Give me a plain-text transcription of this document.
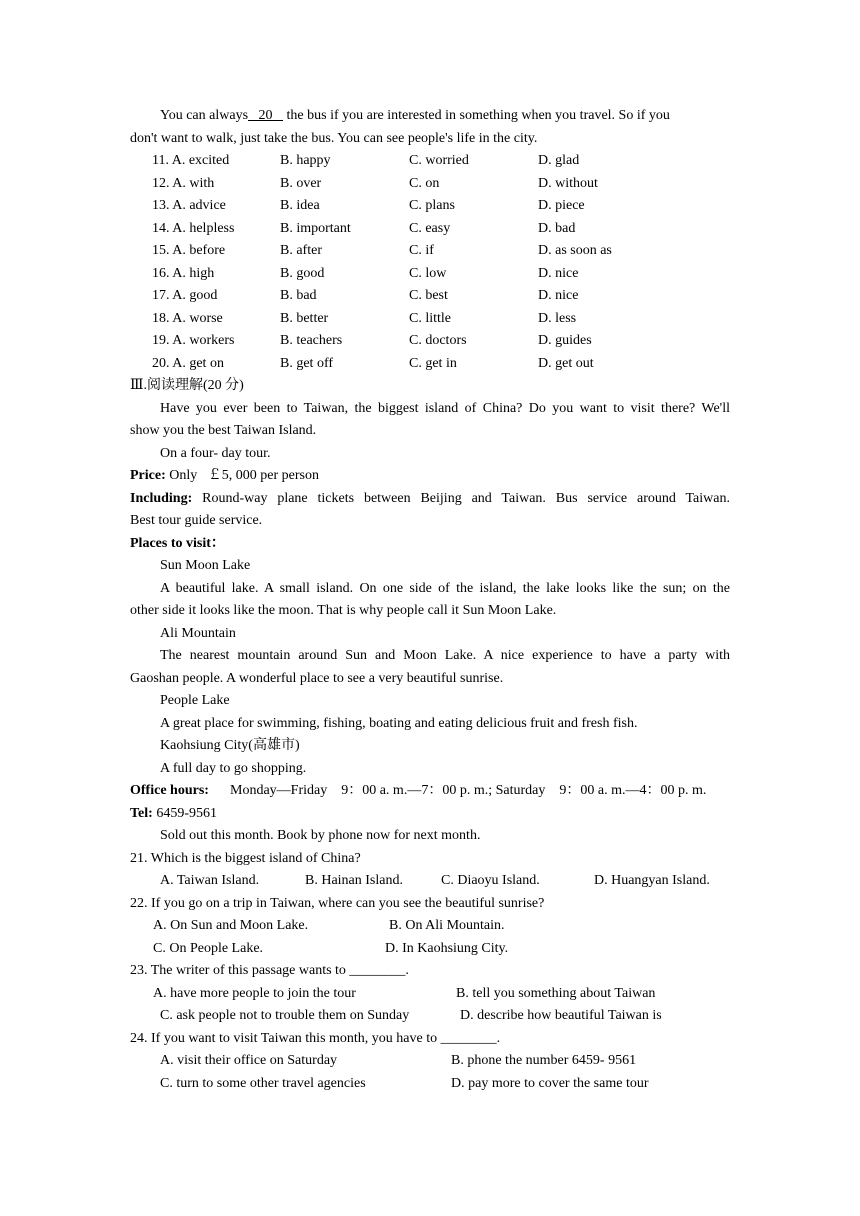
You can always 20 the bus if you are interested in something when you travel. So if you
don't want to walk, just take the bus. You can see people's life in the city.
11. A. excited	B. happy	C. worried	D. glad
12. A. with	B. over	C. on	D. without
13. A. advice	B. idea	C. plans	D. piece
14. A. helpless	B. important	C. easy	D. bad
15. A. before	B. after	C. if	D. as soon as
16. A. high	B. good	C. low	D. nice
17. A. good	B. bad	C. best	D. nice
18. A. worse	B. better	C. little	D. less
19. A. workers	B. teachers	C. doctors	D. guides
20. A. get on	B. get off	C. get in	D. get out
Ⅲ.阅读理解(20 分)
Have you ever been to Taiwan, the biggest island of China? Do you want to visit there? We'll
show you the best Taiwan Island.
On a four- day tour.
Price: Only   ￡5, 000 per person
Including: Round-way plane tickets between Beijing and Taiwan. Bus service around Taiwan.
Best tour guide service.
Places to visit：
Sun Moon Lake
A beautiful lake. A small island. On one side of the island, the lake looks like the sun; on the
other side it looks like the moon. That is why people call it Sun Moon Lake.
Ali Mountain
The nearest mountain around Sun and Moon Lake. A nice experience to have a party with
Gaoshan people. A wonderful place to see a very beautiful sunrise.
People Lake
A great place for swimming, fishing, boating and eating delicious fruit and fresh fish.
Kaohsiung City(高雄市)
A full day to go shopping.
Office hours: Monday—Friday    9：00 a. m.—7：00 p. m.; Saturday    9：00 a. m.—4：00 p. m.
Tel: 6459-9561
Sold out this month. Book by phone now for next month.
21. Which is the biggest island of China?
A. Taiwan Island.	B. Hainan Island.	C. Diaoyu Island.	D. Huangyan Island.
22. If you go on a trip in Taiwan, where can you see the beautiful sunrise?
A. On Sun and Moon Lake.	B. On Ali Mountain.
C. On People Lake.	D. In Kaohsiung City.
23. The writer of this passage wants to ________.
A. have more people to join the tour	B. tell you something about Taiwan
C. ask people not to trouble them on Sunday	D. describe how beautiful Taiwan is
24. If you want to visit Taiwan this month, you have to ________.
A. visit their office on Saturday	B. phone the number 6459- 9561
C. turn to some other travel agencies	D. pay more to cover the same tour
